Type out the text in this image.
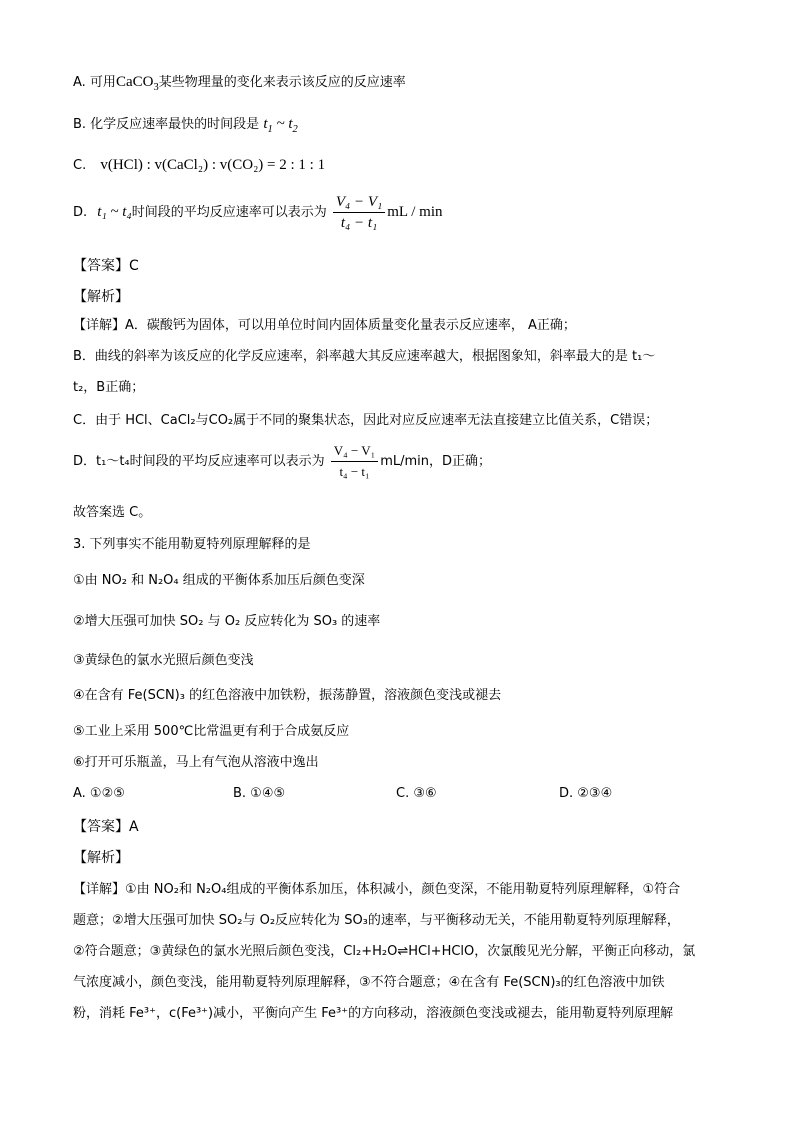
A. 可用CaCO$_3$某些物理量的变化来表示该反应的反应速率
B. 化学反应速率最快的时间段是 $t_1$ ~ $t_2$
C. v(HCl) : v(CaCl₂) : v(CO₂) = 2 : 1 : 1
D. t₁ ~ t₄时间段的平均反应速率可以表示为 $\frac{\text{V₄ − V₁}}{\text{t₄ − t₁}}$ mL / min
【答案】C
【解析】
【详解】A．碳酸钙为固体，可以用单位时间内固体质量变化量表示反应速率， A正确；
B．曲线的斜率为该反应的化学反应速率，斜率越大其反应速率越大，根据图象知，斜率最大的是 t₁～
t₂，B正确；
C．由于 HCl、CaCl₂与CO₂属于不同的聚集状态，因此对应反应速率无法直接建立比值关系，C错误；
D．t₁～t₄时间段的平均反应速率可以表示为 $\frac{\text{V₄ − V₁}}{\text{t₄ − t₁}} mL/\min$，D正确；
故答案选 C。
3. 下列事实不能用勒夏特列原理解释的是
①由 NO₂ 和 N₂O₄ 组成的平衡体系加压后颜色变深
②增大压强可加快 SO₂ 与 O₂ 反应转化为 SO₃ 的速率
③黄绿色的氯水光照后颜色变浅
④在含有 Fe(SCN)₃ 的红色溶液中加铁粉，振荡静置，溶液颜色变浅或褪去
⑤工业上采用 500℃比常温更有利于合成氨反应
⑥打开可乐瓶盖，马上有气泡从溶液中逸出
A. ①②⑤	B. ①④⑤	C. ③⑥	D. ②③④
【答案】A
【解析】
【详解】①由 NO₂和 N₂O₄组成的平衡体系加压，体积减小，颜色变深，不能用勒夏特列原理解释，①符合
题意；②增大压强可加快 SO₂与 O₂反应转化为 SO₃的速率，与平衡移动无关，不能用勒夏特列原理解释，
②符合题意；③黄绿色的氯水光照后颜色变浅，Cl₂+H₂O⇌HCl+HClO，次氯酸见光分解，平衡正向移动，氯
气浓度减小，颜色变浅，能用勒夏特列原理解释，③不符合题意；④在含有 Fe(SCN)₃的红色溶液中加铁
粉，消耗 Fe³⁺，c(Fe³⁺)减小，平衡向产生 Fe³⁺的方向移动，溶液颜色变浅或褪去，能用勒夏特列原理解
